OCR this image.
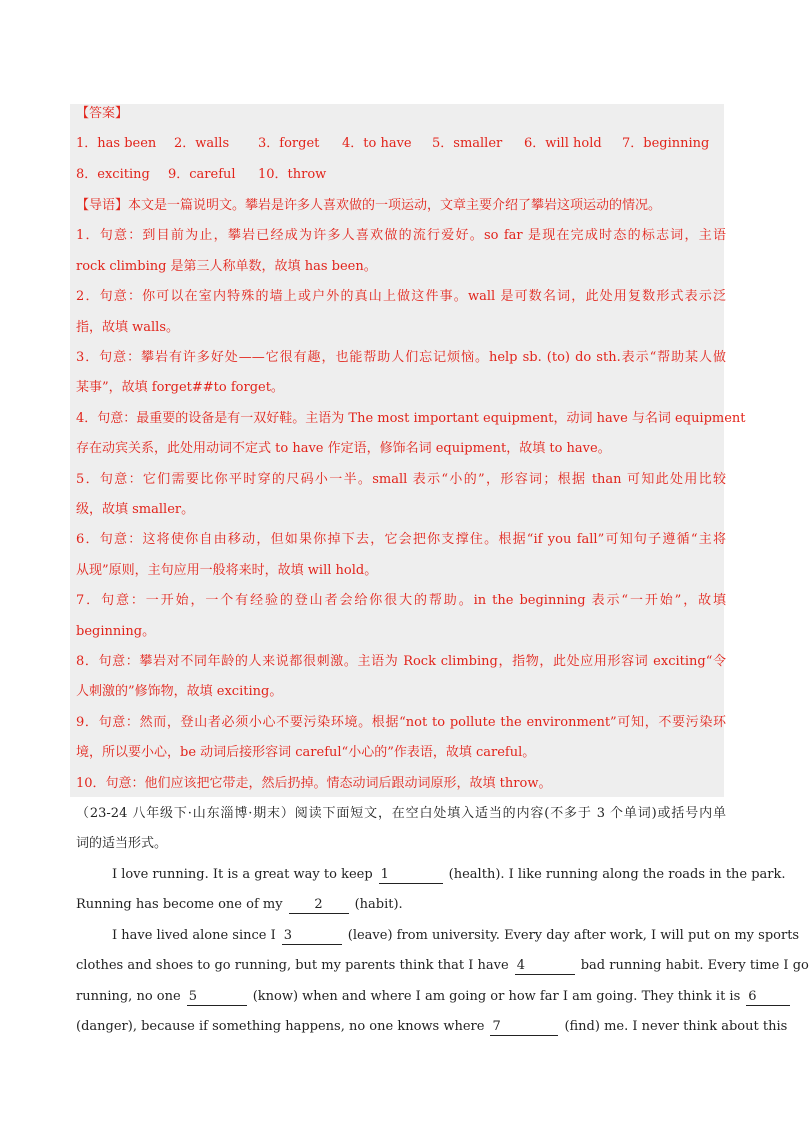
【答案】
1．has been 2．walls 3．forget 4．to have 5．smaller 6．will hold 7．beginning
8．exciting 9．careful 10．throw
【导语】本文是一篇说明文。攀岩是许多人喜欢做的一项运动，文章主要介绍了攀岩这项运动的情况。
1．句意：到目前为止，攀岩已经成为许多人喜欢做的流行爱好。so far 是现在完成时态的标志词，主语
rock climbing 是第三人称单数，故填 has been。
2．句意：你可以在室内特殊的墙上或户外的真山上做这件事。wall 是可数名词，此处用复数形式表示泛
指，故填 walls。
3．句意：攀岩有许多好处——它很有趣，也能帮助人们忘记烦恼。help sb. (to) do sth.表示“帮助某人做
某事”，故填 forget##to forget。
4．句意：最重要的设备是有一双好鞋。主语为 The most important equipment，动词 have 与名词 equipment
存在动宾关系，此处用动词不定式 to have 作定语，修饰名词 equipment，故填 to have。
5．句意：它们需要比你平时穿的尺码小一半。small 表示“小的”，形容词；根据 than 可知此处用比较
级，故填 smaller。
6．句意：这将使你自由移动，但如果你掉下去，它会把你支撑住。根据“if you fall”可知句子遵循“主将
从现”原则，主句应用一般将来时，故填 will hold。
7．句意：一开始，一个有经验的登山者会给你很大的帮助。in the beginning 表示“一开始”，故填
beginning。
8．句意：攀岩对不同年龄的人来说都很刺激。主语为 Rock climbing，指物，此处应用形容词 exciting“令
人刺激的”修饰物，故填 exciting。
9．句意：然而，登山者必须小心不要污染环境。根据“not to pollute the environment”可知，不要污染环
境，所以要小心，be 动词后接形容词 careful“小心的”作表语，故填 careful。
10．句意：他们应该把它带走，然后扔掉。情态动词后跟动词原形，故填 throw。
（23-24 八年级下·山东淄博·期末）阅读下面短文，在空白处填入适当的内容(不多于 3 个单词)或括号内单
词的适当形式。
I love running. It is a great way to keep 1	(health). I like running along the roads in the park.
Running has become one of my 2 (habit).
I have lived alone since I 3	(leave) from university. Every day after work, I will put on my sports
clothes and shoes to go running, but my parents think that I have 4	bad running habit. Every time I go
running, no one 5	(know) when and where I am going or how far I am going. They think it is 6
(danger), because if something happens, no one knows where 7	(find) me. I never think about this
